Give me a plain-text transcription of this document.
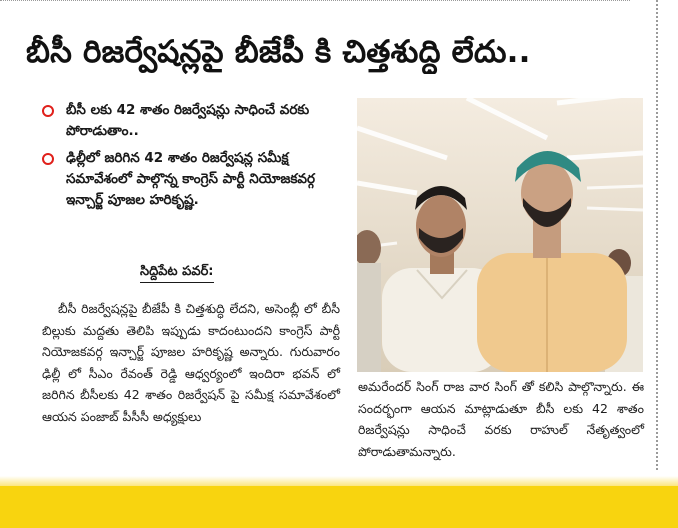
బీసీ రిజర్వేషన్లపై బీజేపీ కి చిత్తశుద్ధి లేదు..
బీసీ లకు 42 శాతం రిజర్వేషన్లు సాధించే వరకు పోరాడుతాం..
ఢిల్లీలో జరిగిన 42 శాతం రిజర్వేషన్ల సమీక్ష సమావేశంలో పాల్గొన్న కాంగ్రెస్ పార్టీ నియోజకవర్గ ఇన్చార్జ్ పూజల హరికృష్ణ.
సిద్దిపేట పవర్:

బీసీ రిజర్వేషన్లపై బీజేపీ కి చిత్తశుద్ధి లేదని, అసెంబ్లీ లో బీసీ బిల్లుకు మద్దతు తెలిపి ఇప్పుడు కాదంటుందని కాంగ్రెస్ పార్టీ నియోజకవర్గ ఇన్చార్జ్ పూజల హరికృష్ణ అన్నారు. గురువారం ఢిల్లీ లో సీఎం రేవంత్ రెడ్డి ఆధ్వర్యంలో ఇందిరా భవన్ లో జరిగిన బీసీలకు 42 శాతం రిజర్వేషన్ పై సమీక్ష సమావేశంలో ఆయన పంజాబ్ పీసీసీ అధ్యక్షులు

అమరేందర్ సింగ్ రాజ వార సింగ్ తో కలిసి పాల్గొన్నారు. ఈ సందర్భంగా ఆయన మాట్లాడుతూ బీసీ లకు 42 శాతం రిజర్వేషన్లు సాధించే వరకు రాహుల్ నేతృత్వంలో పోరాడుతామన్నారు.
